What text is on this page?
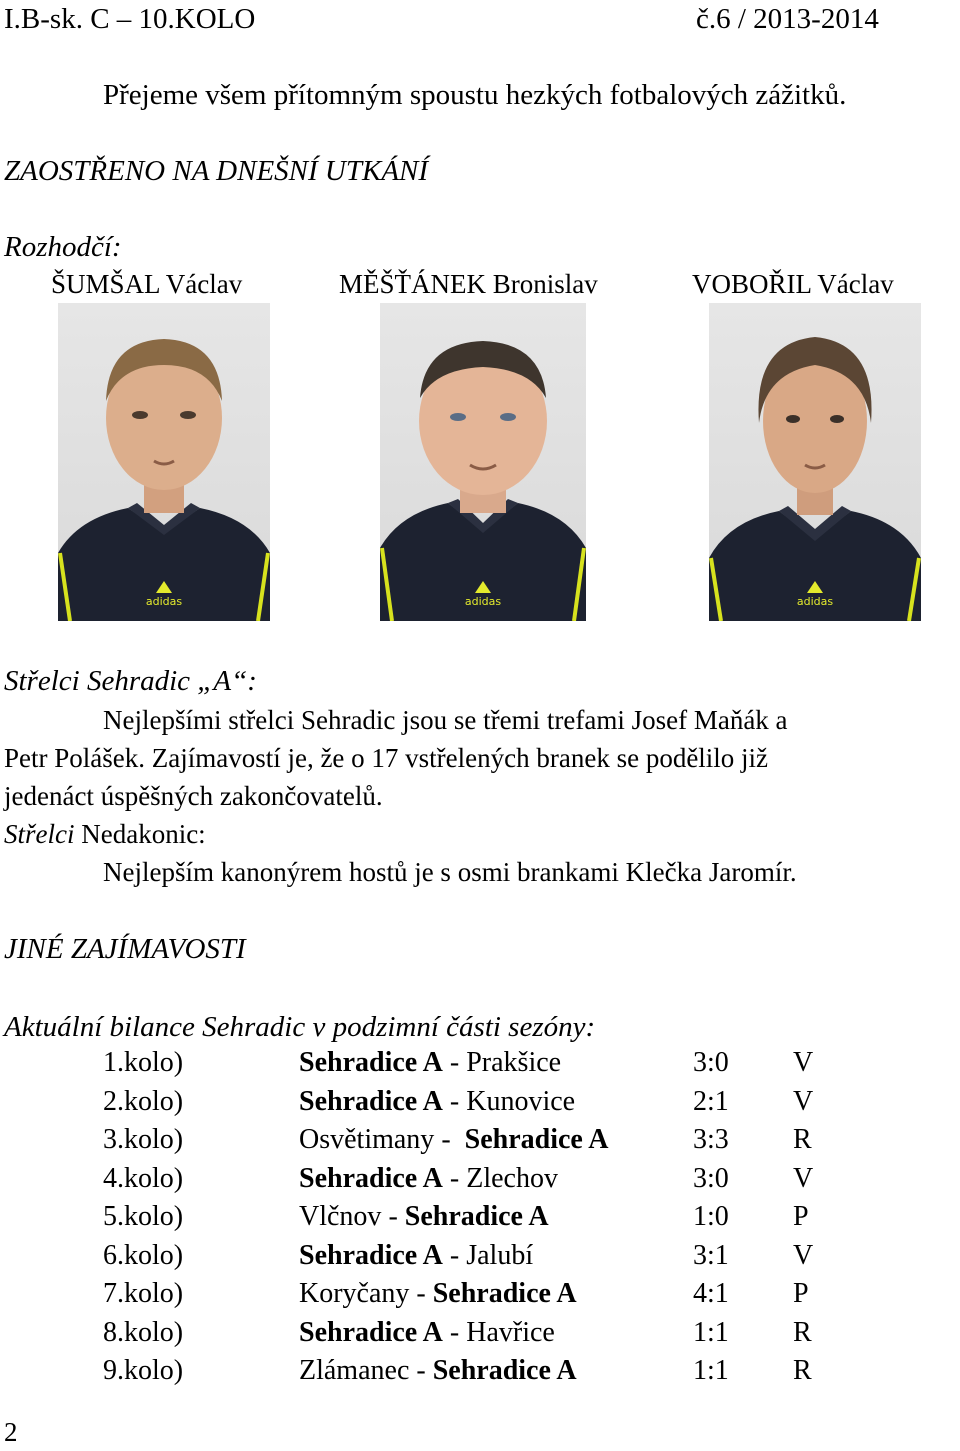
I.B-sk. C – 10.KOLO	č.6 / 2013-2014
Přejeme všem přítomným spoustu hezkých fotbalových zážitků.
ZAOSTŘENO NA DNEŠNÍ UTKÁNÍ
Rozhodčí:
ŠUMŠAL Václav	MĚŠŤÁNEK Bronislav	VOBOŘIL Václav
adidas	adidas	adidas
Střelci Sehradic „A“:
Nejlepšími střelci Sehradic jsou se třemi trefami Josef Maňák a
Petr Polášek. Zajímavostí je, že o 17 vstřelených branek se podělilo již
jedenáct úspěšných zakončovatelů.
Střelci Nedakonic:
Nejlepším kanonýrem hostů je s osmi brankami Klečka Jaromír.
JINÉ ZAJÍMAVOSTI
Aktuální bilance Sehradic v podzimní části sezóny:
1.kolo)	Sehradice A - Prakšice	3:0 V
2.kolo)	Sehradice A - Kunovice	2:1 V
3.kolo)	Osvětimany -  Sehradice A	3:3 R
4.kolo)	Sehradice A - Zlechov	3:0 V
5.kolo)	Vlčnov - Sehradice A	1:0 P
6.kolo)	Sehradice A - Jalubí	3:1 V
7.kolo)	Koryčany - Sehradice A	4:1 P
8.kolo)	Sehradice A - Havřice	1:1 R
9.kolo)	Zlámanec - Sehradice A	1:1 R
2
